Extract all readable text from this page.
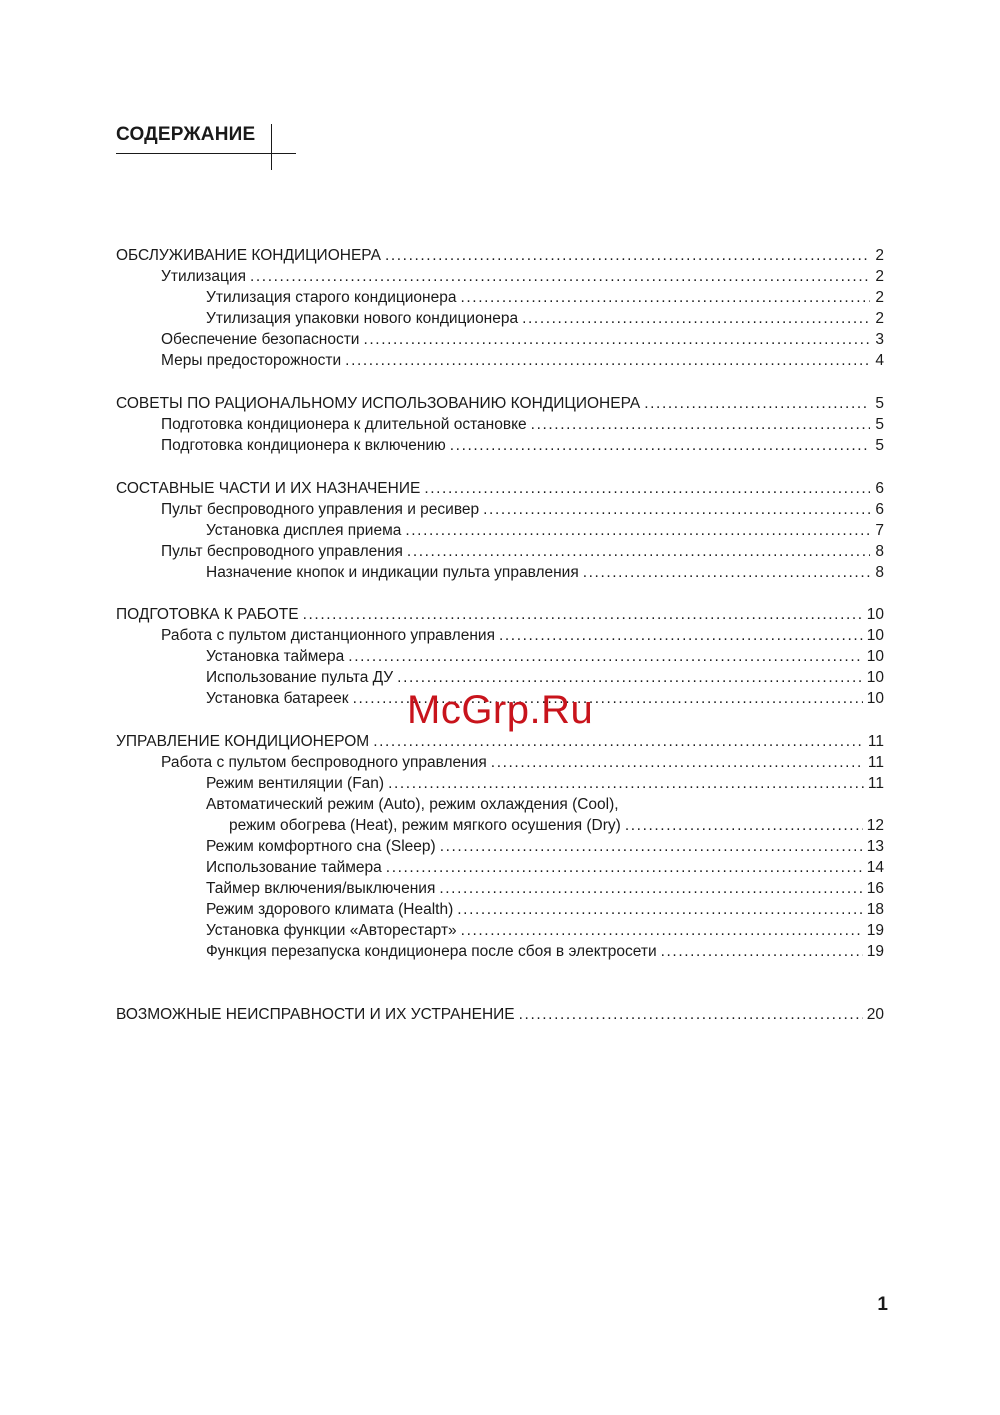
СОДЕРЖАНИЕ
ОБСЛУЖИВАНИЕ КОНДИЦИОНЕРА .....	2
Утилизация .....	2
Утилизация старого кондиционера .....	2
Утилизация упаковки нового кондиционера .....	2
Обеспечение безопасности .....	3
Меры предосторожности .....	4
СОВЕТЫ ПО РАЦИОНАЛЬНОМУ ИСПОЛЬЗОВАНИЮ КОНДИЦИОНЕРА .....	5
Подготовка кондиционера к длительной остановке .....	5
Подготовка кондиционера к включению .....	5
СОСТАВНЫЕ ЧАСТИ И ИХ НАЗНАЧЕНИЕ .....	6
Пульт беспроводного управления и ресивер .....	6
Установка дисплея приема .....	7
Пульт беспроводного управления .....	8
Назначение кнопок и индикации пульта управления .....	8
ПОДГОТОВКА К РАБОТЕ .....	10
Работа с пультом дистанционного управления .....	10
Установка таймера .....	10
Использование пульта ДУ .....	10
Установка батареек .....	10
УПРАВЛЕНИЕ КОНДИЦИОНЕРОМ .....	11
Работа с пультом беспроводного управления .....	11
Режим вентиляции (Fan) .....	11
Автоматический режим (Auto), режим охлаждения (Cool),
режим обогрева (Heat), режим мягкого осушения (Dry) .....	12
Режим комфортного сна (Sleep) .....	13
Использование таймера .....	14
Таймер включения/выключения .....	16
Режим здорового климата (Health) .....	18
Установка функции «Авторестарт» .....	19
Функция перезапуска кондиционера после сбоя в электросети .....	19
ВОЗМОЖНЫЕ НЕИСПРАВНОСТИ И ИХ УСТРАНЕНИЕ .....	20
McGrp.Ru
1
